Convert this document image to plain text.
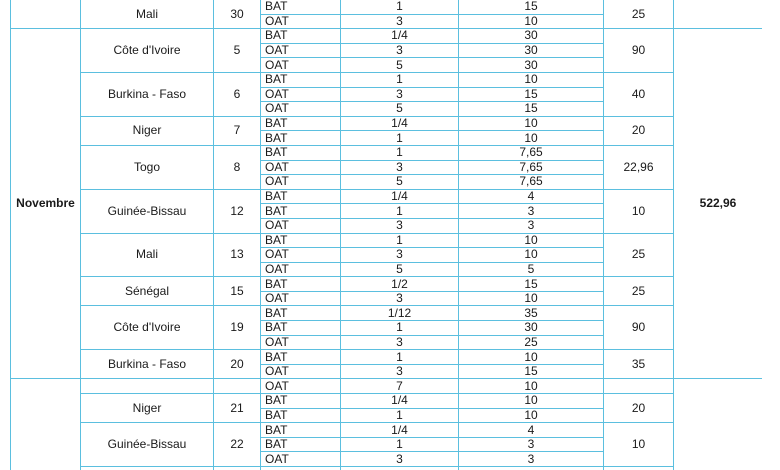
	Mali	30	BAT	1	15	25	
			OAT	3	10		
Novembre	Côte d'Ivoire	5	BAT	1/4	30	90	522,96
			OAT	3	30		
			OAT	5	30		
	Burkina - Faso	6	BAT	1	10	40	
			OAT	3	15		
			OAT	5	15		
	Niger	7	BAT	1/4	10	20	
			BAT	1	10		
	Togo	8	BAT	1	7,65	22,96	
			OAT	3	7,65		
			OAT	5	7,65		
	Guinée-Bissau	12	BAT	1/4	4	10	
			BAT	1	3		
			OAT	3	3		
	Mali	13	BAT	1	10	25	
			OAT	3	10		
			OAT	5	5		
	Sénégal	15	BAT	1/2	15	25	
			OAT	3	10		
	Côte d'Ivoire	19	BAT	1/12	35	90	
			BAT	1	30		
			OAT	3	25		
	Burkina - Faso	20	BAT	1	10	35	
			OAT	3	15		
			OAT	7	10		
	Niger	21	BAT	1/4	10	20	
			BAT	1	10		
	Guinée-Bissau	22	BAT	1/4	4	10	
			BAT	1	3		
			OAT	3	3		
